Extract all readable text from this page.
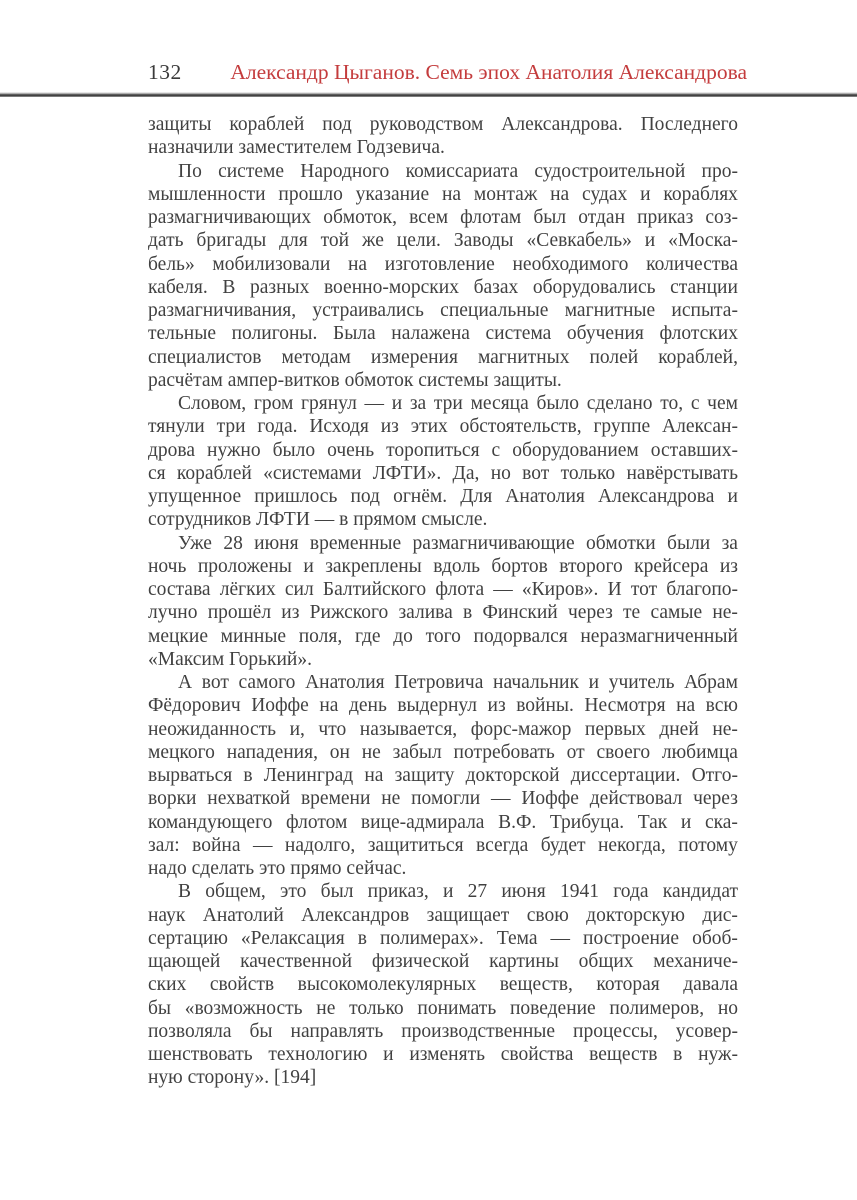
132	Александр Цыганов. Семь эпох Анатолия Александрова

защиты кораблей под руководством Александрова. Последнего
назначили заместителем Годзевича.

По системе Народного комиссариата судостроительной про-
мышленности прошло указание на монтаж на судах и кораблях
размагничивающих обмоток, всем флотам был отдан приказ соз-
дать бригады для той же цели. Заводы «Севкабель» и «Моска-
бель» мобилизовали на изготовление необходимого количества
кабеля. В разных военно-морских базах оборудовались станции
размагничивания, устраивались специальные магнитные испыта-
тельные полигоны. Была налажена система обучения флотских
специалистов методам измерения магнитных полей кораблей,
расчётам ампер-витков обмоток системы защиты.

Словом, гром грянул — и за три месяца было сделано то, с чем
тянули три года. Исходя из этих обстоятельств, группе Алексан-
дрова нужно было очень торопиться с оборудованием оставших-
ся кораблей «системами ЛФТИ». Да, но вот только навёрстывать
упущенное пришлось под огнём. Для Анатолия Александрова и
сотрудников ЛФТИ — в прямом смысле.

Уже 28 июня временные размагничивающие обмотки были за
ночь проложены и закреплены вдоль бортов второго крейсера из
состава лёгких сил Балтийского флота — «Киров». И тот благопо-
лучно прошёл из Рижского залива в Финский через те самые не-
мецкие минные поля, где до того подорвался неразмагниченный
«Максим Горький».

А вот самого Анатолия Петровича начальник и учитель Абрам
Фёдорович Иоффе на день выдернул из войны. Несмотря на всю
неожиданность и, что называется, форс-мажор первых дней не-
мецкого нападения, он не забыл потребовать от своего любимца
вырваться в Ленинград на защиту докторской диссертации. Отго-
ворки нехваткой времени не помогли — Иоффе действовал через
командующего флотом вице-адмирала В.Ф. Трибуца. Так и ска-
зал: война — надолго, защититься всегда будет некогда, потому
надо сделать это прямо сейчас.

В общем, это был приказ, и 27 июня 1941 года кандидат
наук Анатолий Александров защищает свою докторскую дис-
сертацию «Релаксация в полимерах». Тема — построение обоб-
щающей качественной физической картины общих механиче-
ских свойств высокомолекулярных веществ, которая давала
бы «возможность не только понимать поведение полимеров, но
позволяла бы направлять производственные процессы, усовер-
шенствовать технологию и изменять свойства веществ в нуж-
ную сторону». [194]
